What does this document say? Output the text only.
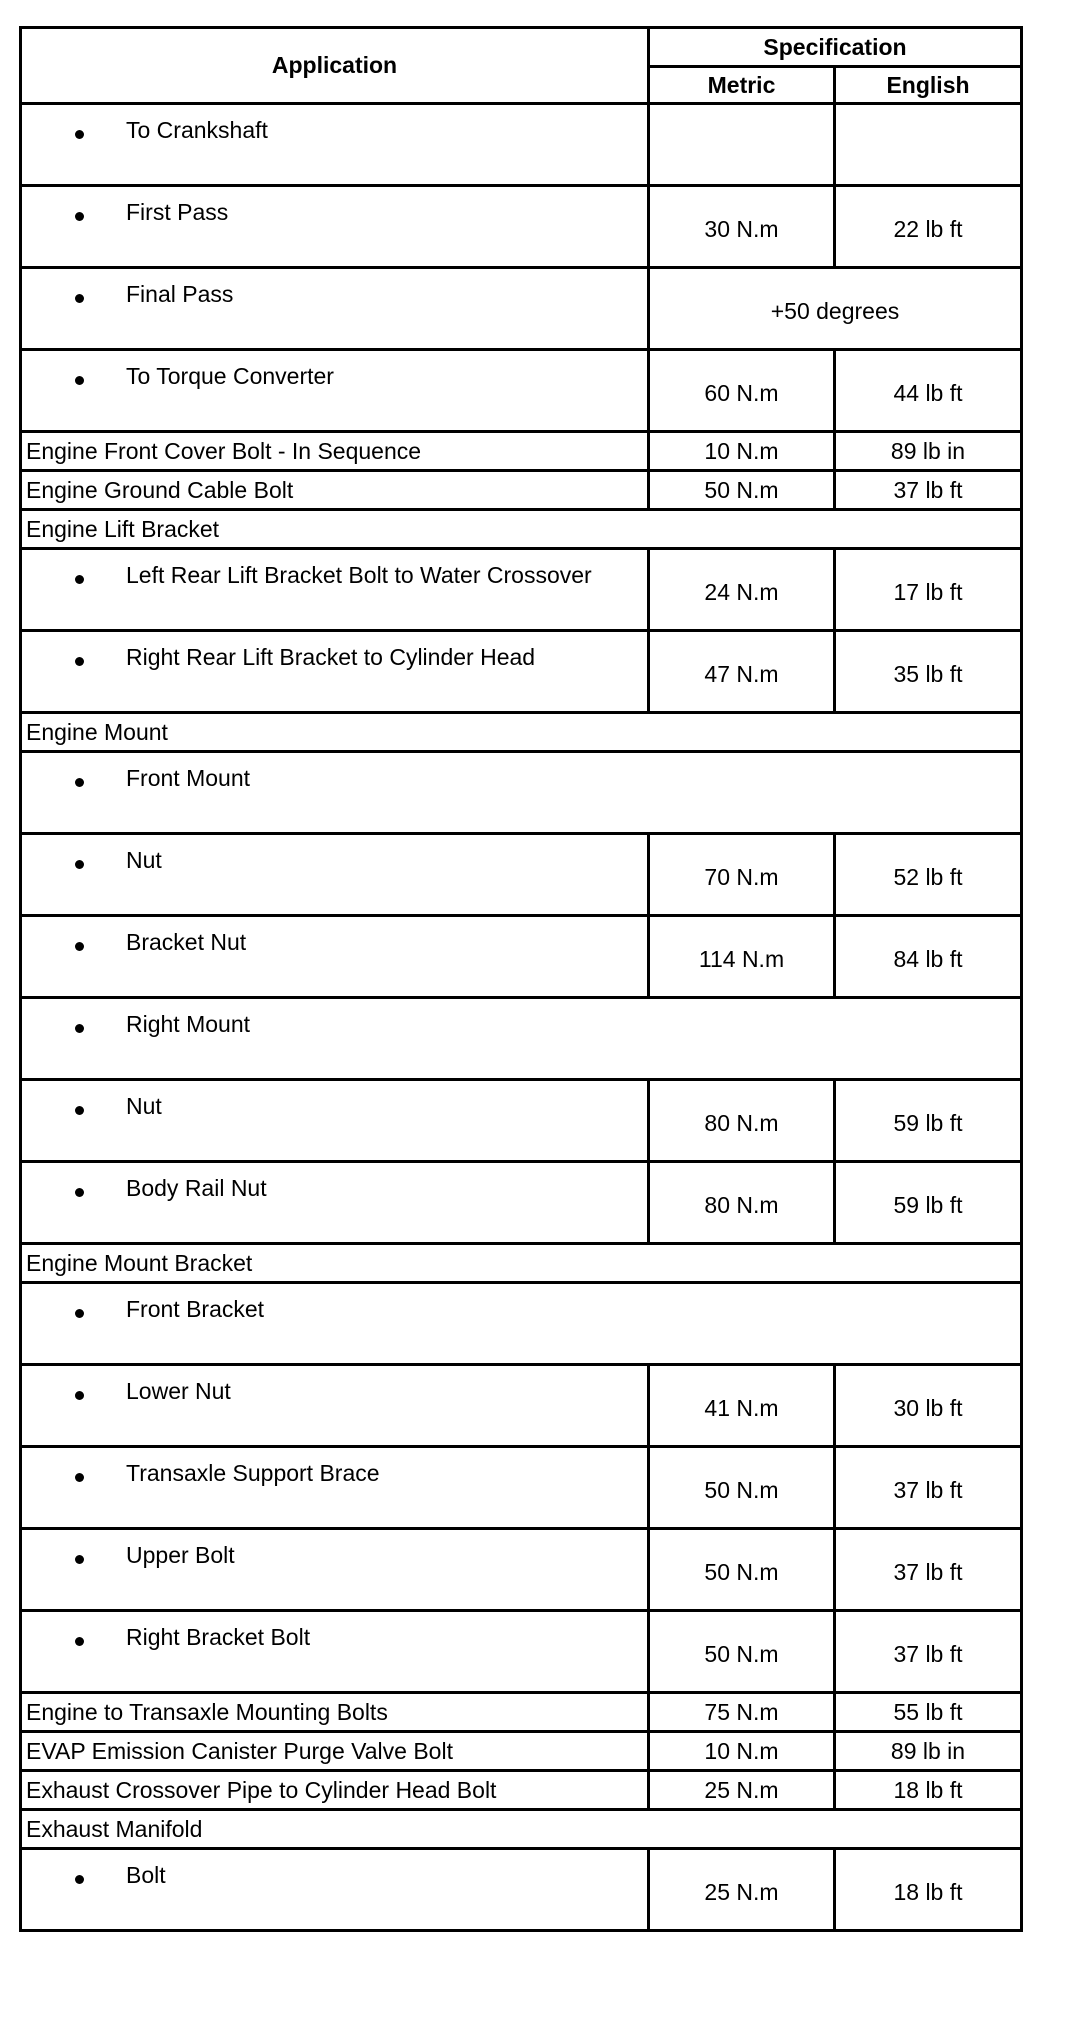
Application	Specification	
	Metric	English

To Crankshaft		

First Pass	30 N.m	22 lb ft

Final Pass	+50 degrees	

To Torque Converter	60 N.m	44 lb ft
Engine Front Cover Bolt - In Sequence	10 N.m	89 lb in
Engine Ground Cable Bolt	50 N.m	37 lb ft
Engine Lift Bracket		

Left Rear Lift Bracket Bolt to Water Crossover	24 N.m	17 lb ft

Right Rear Lift Bracket to Cylinder Head	47 N.m	35 lb ft
Engine Mount		

Front Mount		

Nut	70 N.m	52 lb ft

Bracket Nut	114 N.m	84 lb ft

Right Mount		

Nut	80 N.m	59 lb ft

Body Rail Nut	80 N.m	59 lb ft
Engine Mount Bracket		

Front Bracket		

Lower Nut	41 N.m	30 lb ft

Transaxle Support Brace	50 N.m	37 lb ft

Upper Bolt	50 N.m	37 lb ft

Right Bracket Bolt	50 N.m	37 lb ft
Engine to Transaxle Mounting Bolts	75 N.m	55 lb ft
EVAP Emission Canister Purge Valve Bolt	10 N.m	89 lb in
Exhaust Crossover Pipe to Cylinder Head Bolt	25 N.m	18 lb ft
Exhaust Manifold		

Bolt	25 N.m	18 lb ft
